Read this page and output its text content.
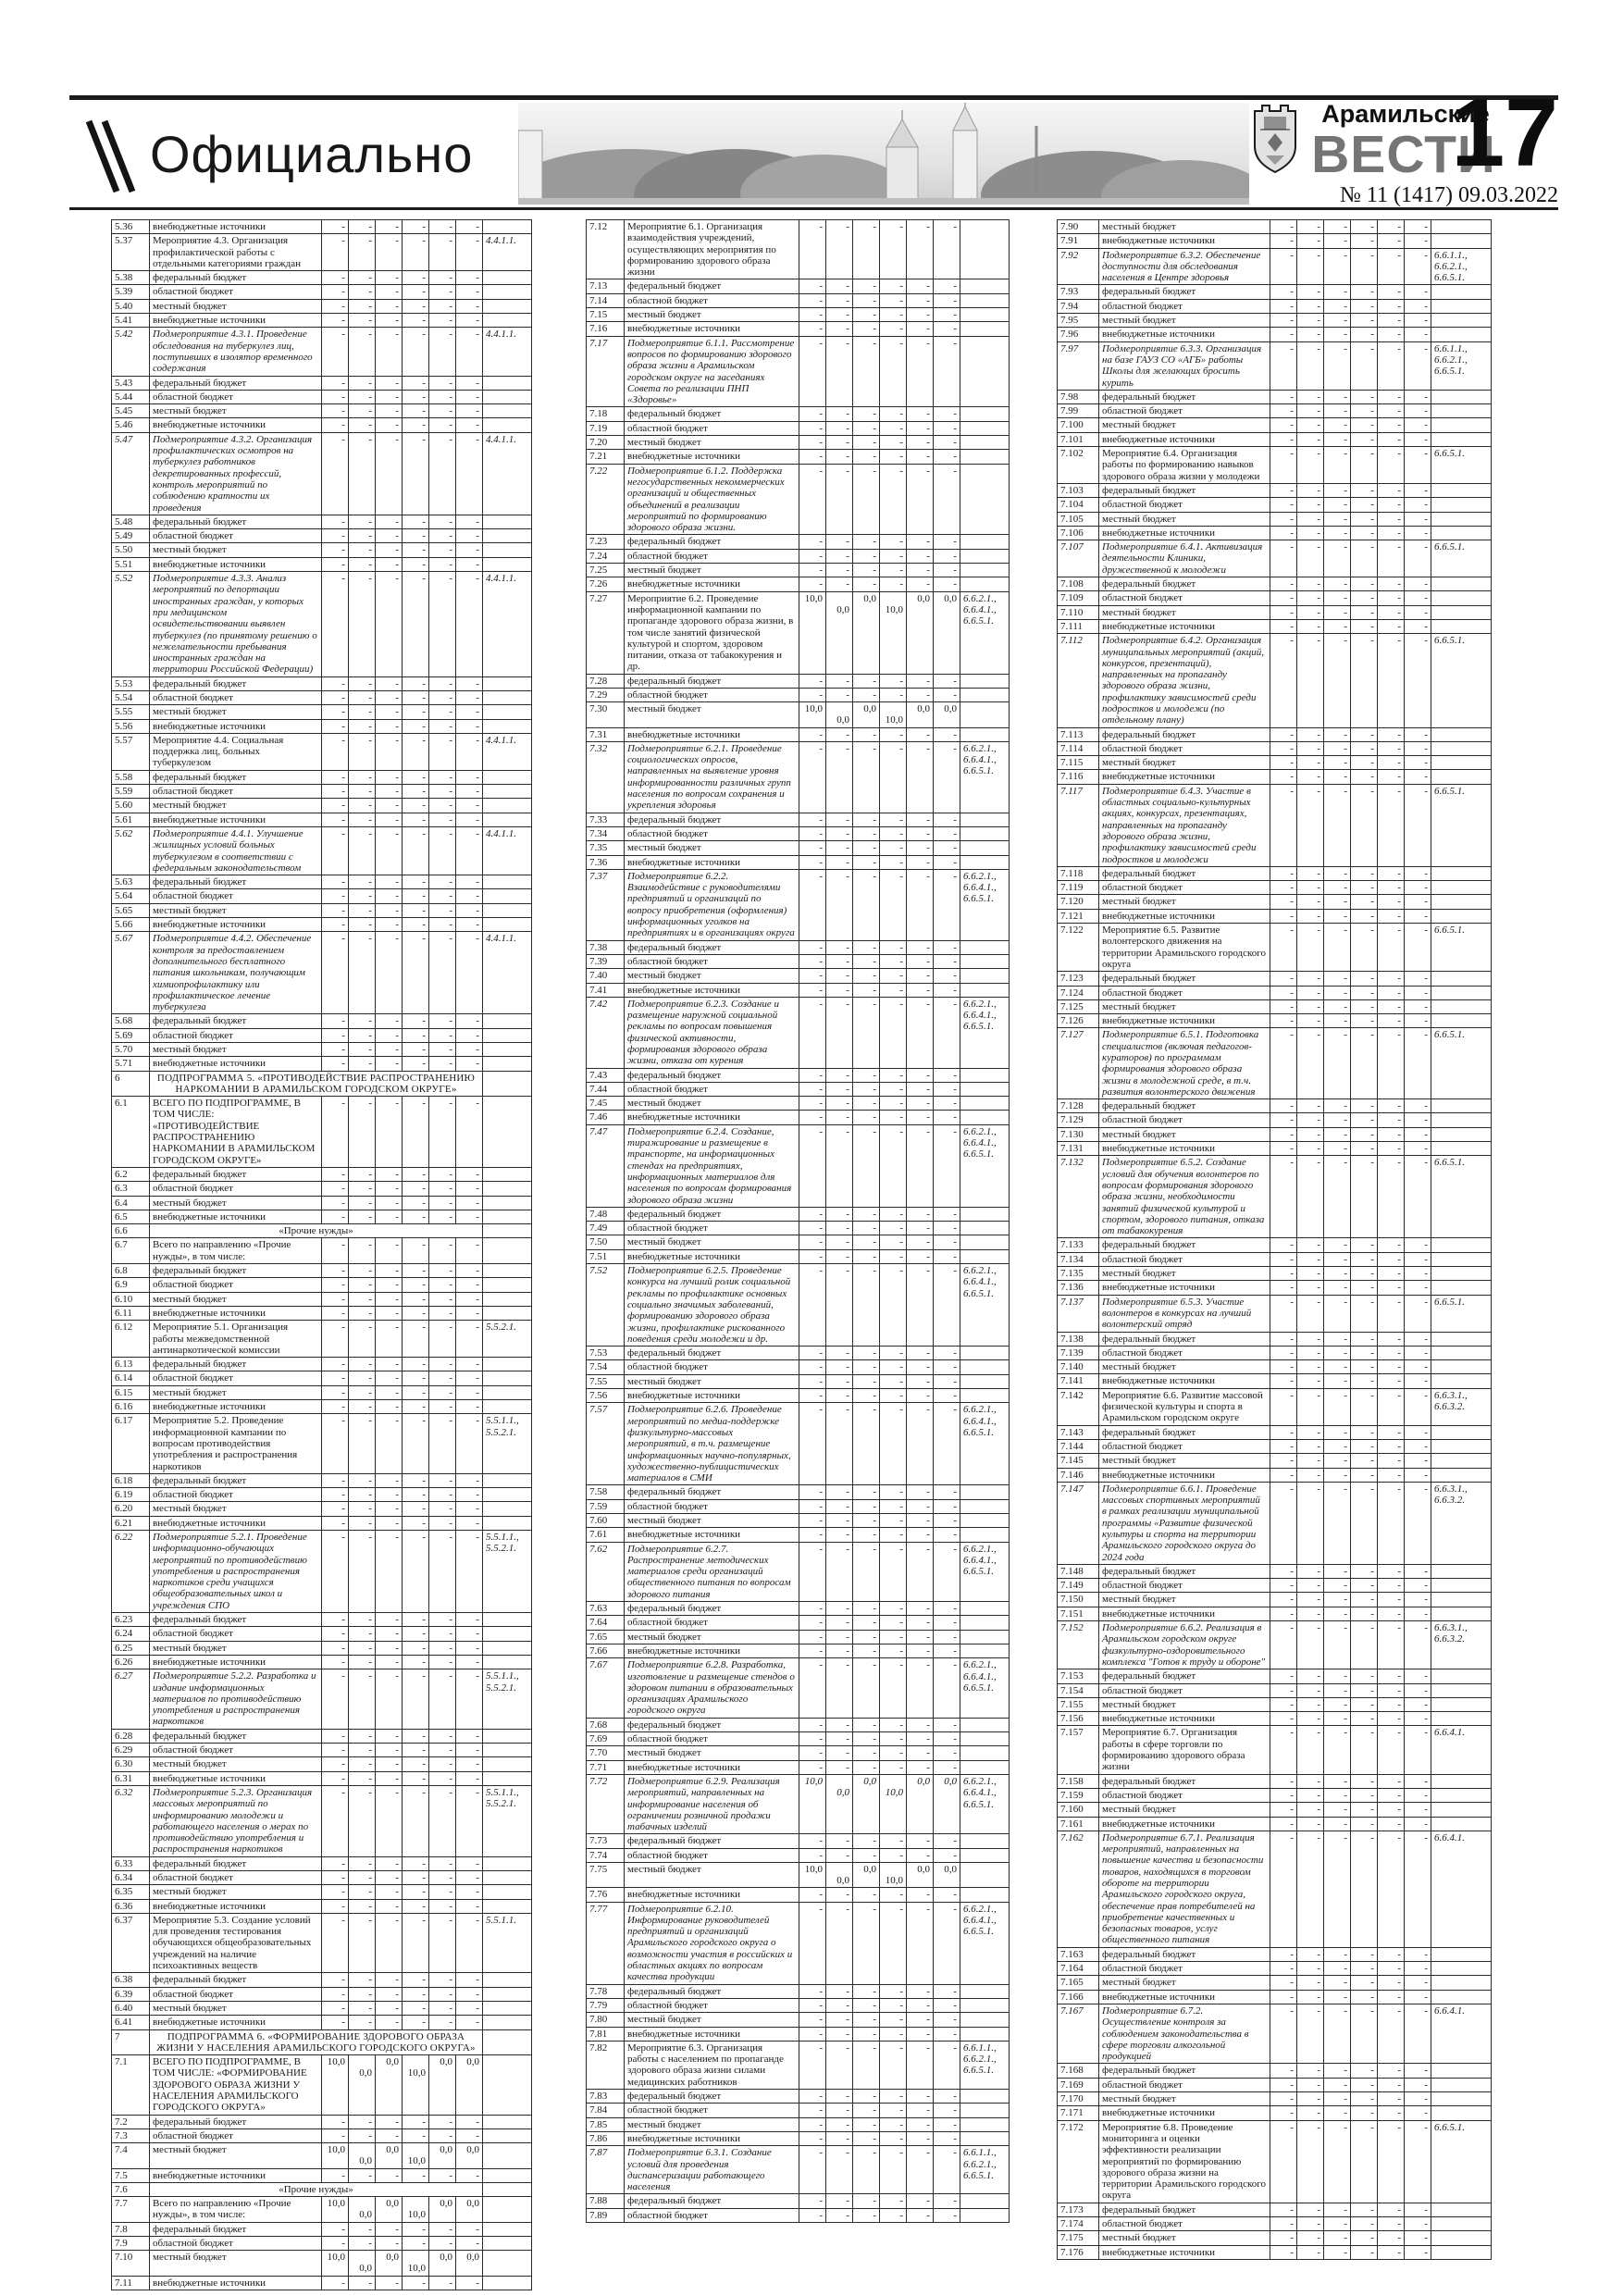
Официально
Арамильские
ВЕСТИ
17
№ 11 (1417) 09.03.2022
5.36	внебюджетные источники	-	-	-	-	-	-	
5.37	Мероприятие 4.3. Организация профилактической работы с отдельными категориями граждан	-	-	-	-	-	-	4.4.1.1.
5.38	федеральный бюджет	-	-	-	-	-	-	
5.39	областной бюджет	-	-	-	-	-	-	
5.40	местный бюджет	-	-	-	-	-	-	
5.41	внебюджетные источники	-	-	-	-	-	-	
5.42	Подмероприятие 4.3.1. Проведение обследования на туберкулез лиц, поступивших в изолятор временного содержания	-	-	-	-	-	-	4.4.1.1.
5.43	федеральный бюджет	-	-	-	-	-	-	
5.44	областной бюджет	-	-	-	-	-	-	
5.45	местный бюджет	-	-	-	-	-	-	
5.46	внебюджетные источники	-	-	-	-	-	-	
5.47	Подмероприятие 4.3.2. Организация профилактических осмотров на туберкулез работников декретированных профессий, контроль мероприятий по соблюдению кратности их проведения	-	-	-	-	-	-	4.4.1.1.
5.48	федеральный бюджет	-	-	-	-	-	-	
5.49	областной бюджет	-	-	-	-	-	-	
5.50	местный бюджет	-	-	-	-	-	-	
5.51	внебюджетные источники	-	-	-	-	-	-	
5.52	Подмероприятие 4.3.3. Анализ мероприятий по депортации иностранных граждан, у которых при медицинском освидетельствовании выявлен туберкулез (по принятому решению о нежелательности пребывания иностранных граждан на территории Российской Федерации)	-	-	-	-	-	-	4.4.1.1.
5.53	федеральный бюджет	-	-	-	-	-	-	
5.54	областной бюджет	-	-	-	-	-	-	
5.55	местный бюджет	-	-	-	-	-	-	
5.56	внебюджетные источники	-	-	-	-	-	-	
5.57	Мероприятие 4.4. Социальная поддержка лиц, больных туберкулезом	-	-	-	-	-	-	4.4.1.1.
5.58	федеральный бюджет	-	-	-	-	-	-	
5.59	областной бюджет	-	-	-	-	-	-	
5.60	местный бюджет	-	-	-	-	-	-	
5.61	внебюджетные источники	-	-	-	-	-	-	
5.62	Подмероприятие 4.4.1. Улучшение жилищных условий больных туберкулезом в соответствии с федеральным законодательством	-	-	-	-	-	-	4.4.1.1.
5.63	федеральный бюджет	-	-	-	-	-	-	
5.64	областной бюджет	-	-	-	-	-	-	
5.65	местный бюджет	-	-	-	-	-	-	
5.66	внебюджетные источники	-	-	-	-	-	-	
5.67	Подмероприятие 4.4.2. Обеспечение контроля за предоставлением дополнительного бесплатного питания школьникам, получающим химиопрофилактику или профилактическое лечение туберкулеза	-	-	-	-	-	-	4.4.1.1.
5.68	федеральный бюджет	-	-	-	-	-	-	
5.69	областной бюджет	-	-	-	-	-	-	
5.70	местный бюджет	-	-	-	-	-	-	
5.71	внебюджетные источники	-	-	-	-	-	-	
6	ПОДПРОГРАММА 5. «ПРОТИВОДЕЙСТВИЕ РАСПРОСТРАНЕНИЮ НАРКОМАНИИ В АРАМИЛЬСКОМ ГОРОДСКОМ ОКРУГЕ»							
6.1	ВСЕГО ПО ПОДПРОГРАММЕ, В ТОМ ЧИСЛЕ: «ПРОТИВОДЕЙСТВИЕ РАСПРОСТРАНЕНИЮ НАРКОМАНИИ В АРАМИЛЬСКОМ ГОРОДСКОМ ОКРУГЕ»	-	-	-	-	-	-	
6.2	федеральный бюджет	-	-	-	-	-	-	
6.3	областной бюджет	-	-	-	-	-	-	
6.4	местный бюджет	-	-	-	-	-	-	
6.5	внебюджетные источники	-	-	-	-	-	-	
6.6	«Прочие нужды»							
6.7	Всего по направлению «Прочие нужды», в том числе:	-	-	-	-	-	-	
6.8	федеральный бюджет	-	-	-	-	-	-	
6.9	областной бюджет	-	-	-	-	-	-	
6.10	местный бюджет	-	-	-	-	-	-	
6.11	внебюджетные источники	-	-	-	-	-	-	
6.12	Мероприятие 5.1. Организация работы межведомственной антинаркотической комиссии	-	-	-	-	-	-	5.5.2.1.
6.13	федеральный бюджет	-	-	-	-	-	-	
6.14	областной бюджет	-	-	-	-	-	-	
6.15	местный бюджет	-	-	-	-	-	-	
6.16	внебюджетные источники	-	-	-	-	-	-	
6.17	Мероприятие 5.2. Проведение информационной кампании по вопросам противодействия употребления и распространения наркотиков	-	-	-	-	-	-	5.5.1.1., 5.5.2.1.
6.18	федеральный бюджет	-	-	-	-	-	-	
6.19	областной бюджет	-	-	-	-	-	-	
6.20	местный бюджет	-	-	-	-	-	-	
6.21	внебюджетные источники	-	-	-	-	-	-	
6.22	Подмероприятие 5.2.1. Проведение информационно-обучающих мероприятий по противодействию употребления и распространения наркотиков среди учащихся общеобразовательных школ и учреждения СПО	-	-	-	-	-	-	5.5.1.1., 5.5.2.1.
6.23	федеральный бюджет	-	-	-	-	-	-	
6.24	областной бюджет	-	-	-	-	-	-	
6.25	местный бюджет	-	-	-	-	-	-	
6.26	внебюджетные источники	-	-	-	-	-	-	
6.27	Подмероприятие 5.2.2. Разработка и издание информационных материалов по противодействию употребления и распространения наркотиков	-	-	-	-	-	-	5.5.1.1., 5.5.2.1.
6.28	федеральный бюджет	-	-	-	-	-	-	
6.29	областной бюджет	-	-	-	-	-	-	
6.30	местный бюджет	-	-	-	-	-	-	
6.31	внебюджетные источники	-	-	-	-	-	-	
6.32	Подмероприятие 5.2.3. Организация массовых мероприятий по информированию молодежи и работающего населения о мерах по противодействию употребления и распространения наркотиков	-	-	-	-	-	-	5.5.1.1., 5.5.2.1.
6.33	федеральный бюджет	-	-	-	-	-	-	
6.34	областной бюджет	-	-	-	-	-	-	
6.35	местный бюджет	-	-	-	-	-	-	
6.36	внебюджетные источники	-	-	-	-	-	-	
6.37	Мероприятие 5.3. Создание условий для проведения тестирования обучающихся общеобразовательных учреждений на наличие психоактивных веществ	-	-	-	-	-	-	5.5.1.1.
6.38	федеральный бюджет	-	-	-	-	-	-	
6.39	областной бюджет	-	-	-	-	-	-	
6.40	местный бюджет	-	-	-	-	-	-	
6.41	внебюджетные источники	-	-	-	-	-	-	
7	ПОДПРОГРАММА 6. «ФОРМИРОВАНИЕ ЗДОРОВОГО ОБРАЗА ЖИЗНИ У НАСЕЛЕНИЯ АРАМИЛЬСКОГО ГОРОДСКОГО ОКРУГА»							
7.1	ВСЕГО ПО ПОДПРОГРАММЕ, В ТОМ ЧИСЛЕ: «ФОРМИРОВАНИЕ ЗДОРОВОГО ОБРАЗА ЖИЗНИ У НАСЕЛЕНИЯ АРАМИЛЬСКОГО ГОРОДСКОГО ОКРУГА»	10,0	0,0	0,0	10,0	0,0	0,0	
7.2	федеральный бюджет	-	-	-	-	-	-	
7.3	областной бюджет	-	-	-	-	-	-	
7.4	местный бюджет	10,0	0,0	0,0	10,0	0,0	0,0	
7.5	внебюджетные источники	-	-	-	-	-	-	
7.6	«Прочие нужды»							
7.7	Всего по направлению «Прочие нужды», в том числе:	10,0	0,0	0,0	10,0	0,0	0,0	
7.8	федеральный бюджет	-	-	-	-	-	-	
7.9	областной бюджет	-	-	-	-	-	-	
7.10	местный бюджет	10,0	0,0	0,0	10,0	0,0	0,0	
7.11	внебюджетные источники	-	-	-	-	-	-	
7.12	Мероприятие 6.1. Организация взаимодействия учреждений, осуществляющих мероприятия по формированию здорового образа жизни	-	-	-	-	-	-	
7.13	федеральный бюджет	-	-	-	-	-	-	
7.14	областной бюджет	-	-	-	-	-	-	
7.15	местный бюджет	-	-	-	-	-	-	
7.16	внебюджетные источники	-	-	-	-	-	-	
7.17	Подмероприятие 6.1.1. Рассмотрение вопросов по формированию здорового образа жизни в Арамильском городском округе на заседаниях Совета по реализации ПНП «Здоровье»	-	-	-	-	-	-	
7.18	федеральный бюджет	-	-	-	-	-	-	
7.19	областной бюджет	-	-	-	-	-	-	
7.20	местный бюджет	-	-	-	-	-	-	
7.21	внебюджетные источники	-	-	-	-	-	-	
7.22	Подмероприятие 6.1.2. Поддержка негосударственных некоммерческих организаций и общественных объединений в реализации мероприятий по формированию здорового образа жизни.	-	-	-	-	-	-	
7.23	федеральный бюджет	-	-	-	-	-	-	
7.24	областной бюджет	-	-	-	-	-	-	
7.25	местный бюджет	-	-	-	-	-	-	
7.26	внебюджетные источники	-	-	-	-	-	-	
7.27	Мероприятие 6.2. Проведение информационной кампании по пропаганде здорового образа жизни, в том числе занятий физической культурой и спортом, здоровом питании, отказа от табакокурения и др.	10,0	0,0	0,0	10,0	0,0	0,0	6.6.2.1., 6.6.4.1., 6.6.5.1.
7.28	федеральный бюджет	-	-	-	-	-	-	
7.29	областной бюджет	-	-	-	-	-	-	
7.30	местный бюджет	10,0	0,0	0,0	10,0	0,0	0,0	
7.31	внебюджетные источники	-	-	-	-	-	-	
7.32	Подмероприятие 6.2.1. Проведение социологических опросов, направленных на выявление уровня информированности различных групп населения по вопросам сохранения и укрепления здоровья	-	-	-	-	-	-	6.6.2.1., 6.6.4.1., 6.6.5.1.
7.33	федеральный бюджет	-	-	-	-	-	-	
7.34	областной бюджет	-	-	-	-	-	-	
7.35	местный бюджет	-	-	-	-	-	-	
7.36	внебюджетные источники	-	-	-	-	-	-	
7.37	Подмероприятие 6.2.2. Взаимодействие с руководителями предприятий и организаций по вопросу приобретения (оформления) информационных уголков на предприятиях и в организациях округа	-	-	-	-	-	-	6.6.2.1., 6.6.4.1., 6.6.5.1.
7.38	федеральный бюджет	-	-	-	-	-	-	
7.39	областной бюджет	-	-	-	-	-	-	
7.40	местный бюджет	-	-	-	-	-	-	
7.41	внебюджетные источники	-	-	-	-	-	-	
7.42	Подмероприятие 6.2.3. Создание и размещение наружной социальной рекламы по вопросам повышения физической активности, формирования здорового образа жизни, отказа от курения	-	-	-	-	-	-	6.6.2.1., 6.6.4.1., 6.6.5.1.
7.43	федеральный бюджет	-	-	-	-	-	-	
7.44	областной бюджет	-	-	-	-	-	-	
7.45	местный бюджет	-	-	-	-	-	-	
7.46	внебюджетные источники	-	-	-	-	-	-	
7.47	Подмероприятие 6.2.4. Создание, тиражирование и размещение в транспорте, на информационных стендах на предприятиях, информационных материалов для населения по вопросам формирования здорового образа жизни	-	-	-	-	-	-	6.6.2.1., 6.6.4.1., 6.6.5.1.
7.48	федеральный бюджет	-	-	-	-	-	-	
7.49	областной бюджет	-	-	-	-	-	-	
7.50	местный бюджет	-	-	-	-	-	-	
7.51	внебюджетные источники	-	-	-	-	-	-	
7.52	Подмероприятие 6.2.5. Проведение конкурса на лучший ролик социальной рекламы по профилактике основных социально значимых заболеваний, формированию здорового образа жизни, профилактике рискованного поведения среди молодежи и др.	-	-	-	-	-	-	6.6.2.1., 6.6.4.1., 6.6.5.1.
7.53	федеральный бюджет	-	-	-	-	-	-	
7.54	областной бюджет	-	-	-	-	-	-	
7.55	местный бюджет	-	-	-	-	-	-	
7.56	внебюджетные источники	-	-	-	-	-	-	
7.57	Подмероприятие 6.2.6. Проведение мероприятий по медиа-поддержке физкультурно-массовых мероприятий, в т.ч. размещение информационных научно-популярных, художественно-публицистических материалов в СМИ	-	-	-	-	-	-	6.6.2.1., 6.6.4.1., 6.6.5.1.
7.58	федеральный бюджет	-	-	-	-	-	-	
7.59	областной бюджет	-	-	-	-	-	-	
7.60	местный бюджет	-	-	-	-	-	-	
7.61	внебюджетные источники	-	-	-	-	-	-	
7.62	Подмероприятие 6.2.7. Распространение методических материалов среди организаций общественного питания по вопросам здорового питания	-	-	-	-	-	-	6.6.2.1., 6.6.4.1., 6.6.5.1.
7.63	федеральный бюджет	-	-	-	-	-	-	
7.64	областной бюджет	-	-	-	-	-	-	
7.65	местный бюджет	-	-	-	-	-	-	
7.66	внебюджетные источники	-	-	-	-	-	-	
7.67	Подмероприятие 6.2.8. Разработка, изготовление и размещение стендов о здоровом питании в образовательных организациях Арамильского городского округа	-	-	-	-	-	-	6.6.2.1., 6.6.4.1., 6.6.5.1.
7.68	федеральный бюджет	-	-	-	-	-	-	
7.69	областной бюджет	-	-	-	-	-	-	
7.70	местный бюджет	-	-	-	-	-	-	
7.71	внебюджетные источники	-	-	-	-	-	-	
7.72	Подмероприятие 6.2.9. Реализация мероприятий, направленных на информирование населения об ограничении розничной продажи табачных изделий	10,0	0,0	0,0	10,0	0,0	0,0	6.6.2.1., 6.6.4.1., 6.6.5.1.
7.73	федеральный бюджет	-	-	-	-	-	-	
7.74	областной бюджет	-	-	-	-	-	-	
7.75	местный бюджет	10,0	0,0	0,0	10,0	0,0	0,0	
7.76	внебюджетные источники	-	-	-	-	-	-	
7.77	Подмероприятие 6.2.10. Информирование руководителей предприятий и организаций Арамильского городского округа о возможности участия в российских и областных акциях по вопросам качества продукции	-	-	-	-	-	-	6.6.2.1., 6.6.4.1., 6.6.5.1.
7.78	федеральный бюджет	-	-	-	-	-	-	
7.79	областной бюджет	-	-	-	-	-	-	
7.80	местный бюджет	-	-	-	-	-	-	
7.81	внебюджетные источники	-	-	-	-	-	-	
7.82	Мероприятие 6.3. Организация работы с населением по пропаганде здорового образа жизни силами медицинских работников	-	-	-	-	-	-	6.6.1.1., 6.6.2.1., 6.6.5.1.
7.83	федеральный бюджет	-	-	-	-	-	-	
7.84	областной бюджет	-	-	-	-	-	-	
7.85	местный бюджет	-	-	-	-	-	-	
7.86	внебюджетные источники	-	-	-	-	-	-	
7.87	Подмероприятие 6.3.1. Создание условий для проведения диспансеризации работающего населения	-	-	-	-	-	-	6.6.1.1., 6.6.2.1., 6.6.5.1.
7.88	федеральный бюджет	-	-	-	-	-	-	
7.89	областной бюджет	-	-	-	-	-	-	
7.90	местный бюджет	-	-	-	-	-	-	
7.91	внебюджетные источники	-	-	-	-	-	-	
7.92	Подмероприятие 6.3.2. Обеспечение доступности для обследования населения в Центре здоровья	-	-	-	-	-	-	6.6.1.1., 6.6.2.1., 6.6.5.1.
7.93	федеральный бюджет	-	-	-	-	-	-	
7.94	областной бюджет	-	-	-	-	-	-	
7.95	местный бюджет	-	-	-	-	-	-	
7.96	внебюджетные источники	-	-	-	-	-	-	
7.97	Подмероприятие 6.3.3. Организация на базе ГАУЗ СО «АГБ» работы Школы для желающих бросить курить	-	-	-	-	-	-	6.6.1.1., 6.6.2.1., 6.6.5.1.
7.98	федеральный бюджет	-	-	-	-	-	-	
7.99	областной бюджет	-	-	-	-	-	-	
7.100	местный бюджет	-	-	-	-	-	-	
7.101	внебюджетные источники	-	-	-	-	-	-	
7.102	Мероприятие 6.4. Организация работы по формированию навыков здорового образа жизни у молодежи	-	-	-	-	-	-	6.6.5.1.
7.103	федеральный бюджет	-	-	-	-	-	-	
7.104	областной бюджет	-	-	-	-	-	-	
7.105	местный бюджет	-	-	-	-	-	-	
7.106	внебюджетные источники	-	-	-	-	-	-	
7.107	Подмероприятие 6.4.1. Активизация деятельности Клиники, дружественной к молодежи	-	-	-	-	-	-	6.6.5.1.
7.108	федеральный бюджет	-	-	-	-	-	-	
7.109	областной бюджет	-	-	-	-	-	-	
7.110	местный бюджет	-	-	-	-	-	-	
7.111	внебюджетные источники	-	-	-	-	-	-	
7.112	Подмероприятие 6.4.2. Организация муниципальных мероприятий (акций, конкурсов, презентаций), направленных на пропаганду здорового образа жизни, профилактику зависимостей среди подростков и молодежи (по отдельному плану)	-	-	-	-	-	-	6.6.5.1.
7.113	федеральный бюджет	-	-	-	-	-	-	
7.114	областной бюджет	-	-	-	-	-	-	
7.115	местный бюджет	-	-	-	-	-	-	
7.116	внебюджетные источники	-	-	-	-	-	-	
7.117	Подмероприятие 6.4.3. Участие в областных социально-культурных акциях, конкурсах, презентациях, направленных на пропаганду здорового образа жизни, профилактику зависимостей среди подростков и молодежи	-	-	-	-	-	-	6.6.5.1.
7.118	федеральный бюджет	-	-	-	-	-	-	
7.119	областной бюджет	-	-	-	-	-	-	
7.120	местный бюджет	-	-	-	-	-	-	
7.121	внебюджетные источники	-	-	-	-	-	-	
7.122	Мероприятие 6.5. Развитие волонтерского движения на территории Арамильского городского округа	-	-	-	-	-	-	6.6.5.1.
7.123	федеральный бюджет	-	-	-	-	-	-	
7.124	областной бюджет	-	-	-	-	-	-	
7.125	местный бюджет	-	-	-	-	-	-	
7.126	внебюджетные источники	-	-	-	-	-	-	
7.127	Подмероприятие 6.5.1. Подготовка специалистов (включая педагогов-кураторов) по программам формирования здорового образа жизни в молодежной среде, в т.ч. развития волонтерского движения	-	-	-	-	-	-	6.6.5.1.
7.128	федеральный бюджет	-	-	-	-	-	-	
7.129	областной бюджет	-	-	-	-	-	-	
7.130	местный бюджет	-	-	-	-	-	-	
7.131	внебюджетные источники	-	-	-	-	-	-	
7.132	Подмероприятие 6.5.2. Создание условий для обучения волонтеров по вопросам формирования здорового образа жизни, необходимости занятий физической культурой и спортом, здорового питания, отказа от табакокурения	-	-	-	-	-	-	6.6.5.1.
7.133	федеральный бюджет	-	-	-	-	-	-	
7.134	областной бюджет	-	-	-	-	-	-	
7.135	местный бюджет	-	-	-	-	-	-	
7.136	внебюджетные источники	-	-	-	-	-	-	
7.137	Подмероприятие 6.5.3. Участие волонтеров в конкурсах на лучший волонтерский отряд	-	-	-	-	-	-	6.6.5.1.
7.138	федеральный бюджет	-	-	-	-	-	-	
7.139	областной бюджет	-	-	-	-	-	-	
7.140	местный бюджет	-	-	-	-	-	-	
7.141	внебюджетные источники	-	-	-	-	-	-	
7.142	Мероприятие 6.6. Развитие массовой физической культуры и спорта в Арамильском городском округе	-	-	-	-	-	-	6.6.3.1., 6.6.3.2.
7.143	федеральный бюджет	-	-	-	-	-	-	
7.144	областной бюджет	-	-	-	-	-	-	
7.145	местный бюджет	-	-	-	-	-	-	
7.146	внебюджетные источники	-	-	-	-	-	-	
7.147	Подмероприятие 6.6.1. Проведение массовых спортивных мероприятий в рамках реализации муниципальной программы «Развитие физической культуры и спорта на территории Арамильского городского округа до 2024 года	-	-	-	-	-	-	6.6.3.1., 6.6.3.2.
7.148	федеральный бюджет	-	-	-	-	-	-	
7.149	областной бюджет	-	-	-	-	-	-	
7.150	местный бюджет	-	-	-	-	-	-	
7.151	внебюджетные источники	-	-	-	-	-	-	
7.152	Подмероприятие 6.6.2. Реализация в Арамильском городском округе физкультурно-оздоровительного комплекса "Готов к труду и обороне"	-	-	-	-	-	-	6.6.3.1., 6.6.3.2.
7.153	федеральный бюджет	-	-	-	-	-	-	
7.154	областной бюджет	-	-	-	-	-	-	
7.155	местный бюджет	-	-	-	-	-	-	
7.156	внебюджетные источники	-	-	-	-	-	-	
7.157	Мероприятие 6.7. Организация работы в сфере торговли по формированию здорового образа жизни	-	-	-	-	-	-	6.6.4.1.
7.158	федеральный бюджет	-	-	-	-	-	-	
7.159	областной бюджет	-	-	-	-	-	-	
7.160	местный бюджет	-	-	-	-	-	-	
7.161	внебюджетные источники	-	-	-	-	-	-	
7.162	Подмероприятие 6.7.1. Реализация мероприятий, направленных на повышение качества и безопасности товаров, находящихся в торговом обороте на территории Арамильского городского округа, обеспечение прав потребителей на приобретение качественных и безопасных товаров, услуг общественного питания	-	-	-	-	-	-	6.6.4.1.
7.163	федеральный бюджет	-	-	-	-	-	-	
7.164	областной бюджет	-	-	-	-	-	-	
7.165	местный бюджет	-	-	-	-	-	-	
7.166	внебюджетные источники	-	-	-	-	-	-	
7.167	Подмероприятие 6.7.2. Осуществление контроля за соблюдением законодательства в сфере торговли алкогольной продукцией	-	-	-	-	-	-	6.6.4.1.
7.168	федеральный бюджет	-	-	-	-	-	-	
7.169	областной бюджет	-	-	-	-	-	-	
7.170	местный бюджет	-	-	-	-	-	-	
7.171	внебюджетные источники	-	-	-	-	-	-	
7.172	Мероприятие 6.8. Проведение мониторинга и оценки эффективности реализации мероприятий по формированию здорового образа жизни на территории Арамильского городского округа	-	-	-	-	-	-	6.6.5.1.
7.173	федеральный бюджет	-	-	-	-	-	-	
7.174	областной бюджет	-	-	-	-	-	-	
7.175	местный бюджет	-	-	-	-	-	-	
7.176	внебюджетные источники	-	-	-	-	-	-	
